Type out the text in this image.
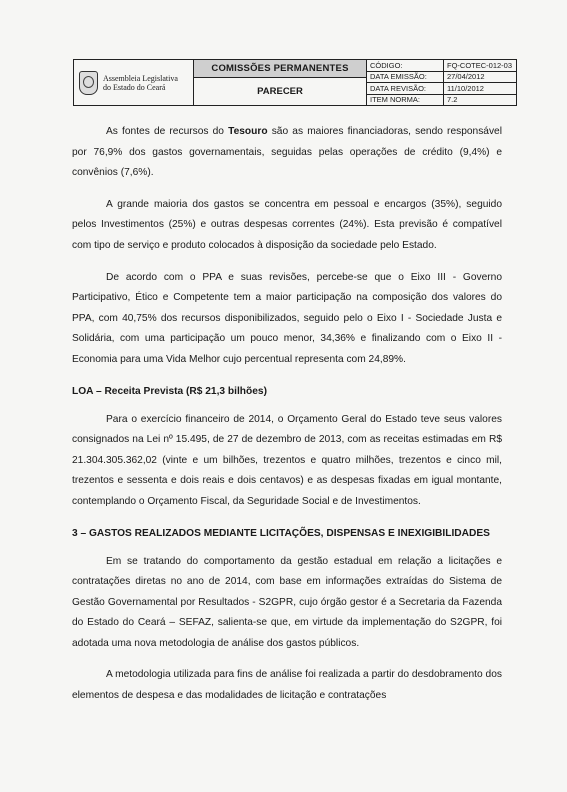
Assembleia Legislativa
do Estado do Ceará
COMISSÕES PERMANENTES
PARECER
CÓDIGO:	FQ-COTEC-012-03
DATA EMISSÃO:	27/04/2012
DATA REVISÃO:	11/10/2012
ITEM NORMA:	7.2

As fontes de recursos do Tesouro são as maiores financiadoras, sendo responsável por 76,9% dos gastos governamentais, seguidas pelas operações de crédito (9,4%) e convênios (7,6%).

A grande maioria dos gastos se concentra em pessoal e encargos (35%), seguido pelos Investimentos (25%) e outras despesas correntes (24%). Esta previsão é compatível com tipo de serviço e produto colocados à disposição da sociedade pelo Estado.

De acordo com o PPA e suas revisões, percebe-se que o Eixo III - Governo Participativo, Ético e Competente tem a maior participação na composição dos valores do PPA, com 40,75% dos recursos disponibilizados, seguido pelo o Eixo I - Sociedade Justa e Solidária, com uma participação um pouco menor, 34,36% e finalizando com o Eixo II - Economia para uma Vida Melhor cujo percentual representa com 24,89%.

LOA – Receita Prevista (R$ 21,3 bilhões)

Para o exercício financeiro de 2014, o Orçamento Geral do Estado teve seus valores consignados na Lei nº 15.495, de 27 de dezembro de 2013, com as receitas estimadas em R$ 21.304.305.362,02 (vinte e um bilhões, trezentos e quatro milhões, trezentos e cinco mil, trezentos e sessenta e dois reais e dois centavos) e as despesas fixadas em igual montante, contemplando o Orçamento Fiscal, da Seguridade Social e de Investimentos.

3 – GASTOS REALIZADOS MEDIANTE LICITAÇÕES, DISPENSAS E INEXIGIBILIDADES

Em se tratando do comportamento da gestão estadual em relação a licitações e contratações diretas no ano de 2014, com base em informações extraídas do Sistema de Gestão Governamental por Resultados - S2GPR, cujo órgão gestor é a Secretaria da Fazenda do Estado do Ceará – SEFAZ, salienta-se que, em virtude da implementação do S2GPR, foi adotada uma nova metodologia de análise dos gastos públicos.

A metodologia utilizada para fins de análise foi realizada a partir do desdobramento dos elementos de despesa e das modalidades de licitação e contratações
